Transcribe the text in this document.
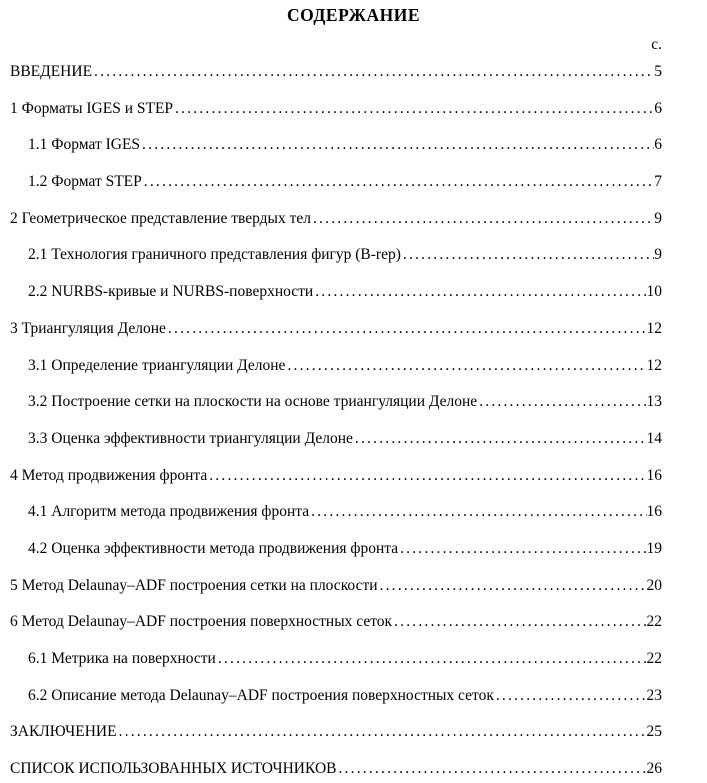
СОДЕРЖАНИЕ
с.
ВВЕДЕНИЕ .....	5
1 Форматы IGES и STEP .....	6
1.1 Формат IGES .....	6
1.2 Формат STEP .....	7
2 Геометрическое представление твердых тел .....	9
2.1 Технология граничного представления фигур (B-rep) .....	9
2.2 NURBS-кривые и NURBS-поверхности .....	10
3 Триангуляция Делоне .....	12
3.1 Определение триангуляции Делоне .....	12
3.2 Построение сетки на плоскости на основе триангуляции Делоне .....	13
3.3 Оценка эффективности триангуляции Делоне .....	14
4 Метод продвижения фронта .....	16
4.1 Алгоритм метода продвижения фронта .....	16
4.2 Оценка эффективности метода продвижения фронта .....	19
5 Метод Delaunay–ADF построения сетки на плоскости .....	20
6 Метод Delaunay–ADF построения поверхностных сеток .....	22
6.1 Метрика на поверхности .....	22
6.2 Описание метода Delaunay–ADF построения поверхностных сеток .....	23
ЗАКЛЮЧЕНИЕ .....	25
СПИСОК ИСПОЛЬЗОВАННЫХ ИСТОЧНИКОВ .....	26
